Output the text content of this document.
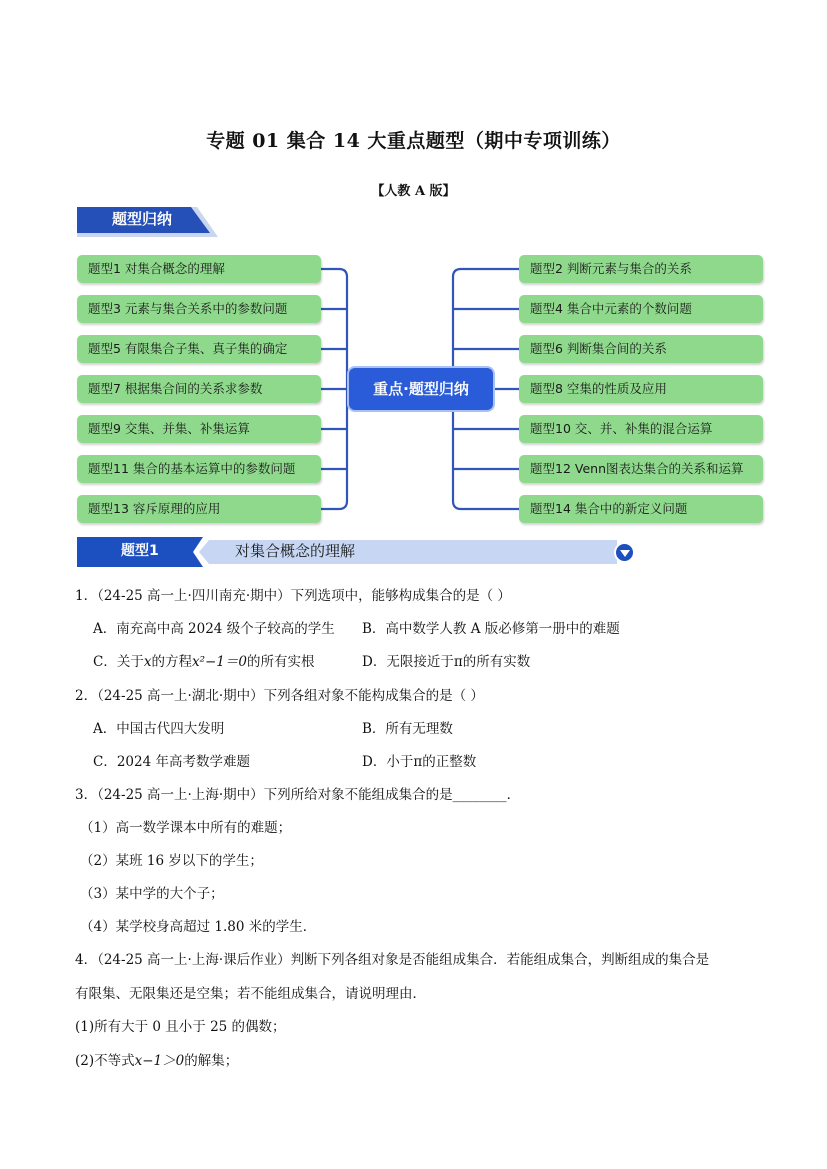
专题 01 集合 14 大重点题型（期中专项训练）
【人教 A 版】
题型归纳
题型1 对集合概念的理解
题型3 元素与集合关系中的参数问题
题型5 有限集合子集、真子集的确定
题型7 根据集合间的关系求参数
题型9 交集、并集、补集运算
题型11 集合的基本运算中的参数问题
题型13 容斥原理的应用
题型2 判断元素与集合的关系
题型4 集合中元素的个数问题
题型6 判断集合间的关系
题型8 空集的性质及应用
题型10 交、并、补集的混合运算
题型12 Venn图表达集合的关系和运算
题型14 集合中的新定义问题
重点·题型归纳
题型1	对集合概念的理解
1．（24-25 高一上·四川南充·期中）下列选项中，能够构成集合的是（ ）
A．南充高中高 2024 级个子较高的学生 B．高中数学人教 A 版必修第一册中的难题
C．关于x的方程x²−1＝0的所有实根	D．无限接近于π的所有实数
2．（24-25 高一上·湖北·期中）下列各组对象不能构成集合的是（ ）
A．中国古代四大发明	B．所有无理数
C．2024 年高考数学难题	D．小于π的正整数
3．（24-25 高一上·上海·期中）下列所给对象不能组成集合的是________．
（1）高一数学课本中所有的难题；
（2）某班 16 岁以下的学生；
（3）某中学的大个子；
（4）某学校身高超过 1.80 米的学生．
4．（24-25 高一上·上海·课后作业）判断下列各组对象是否能组成集合．若能组成集合，判断组成的集合是
有限集、无限集还是空集；若不能组成集合，请说明理由．
(1)所有大于 0 且小于 25 的偶数；
(2)不等式x−1＞0的解集；
